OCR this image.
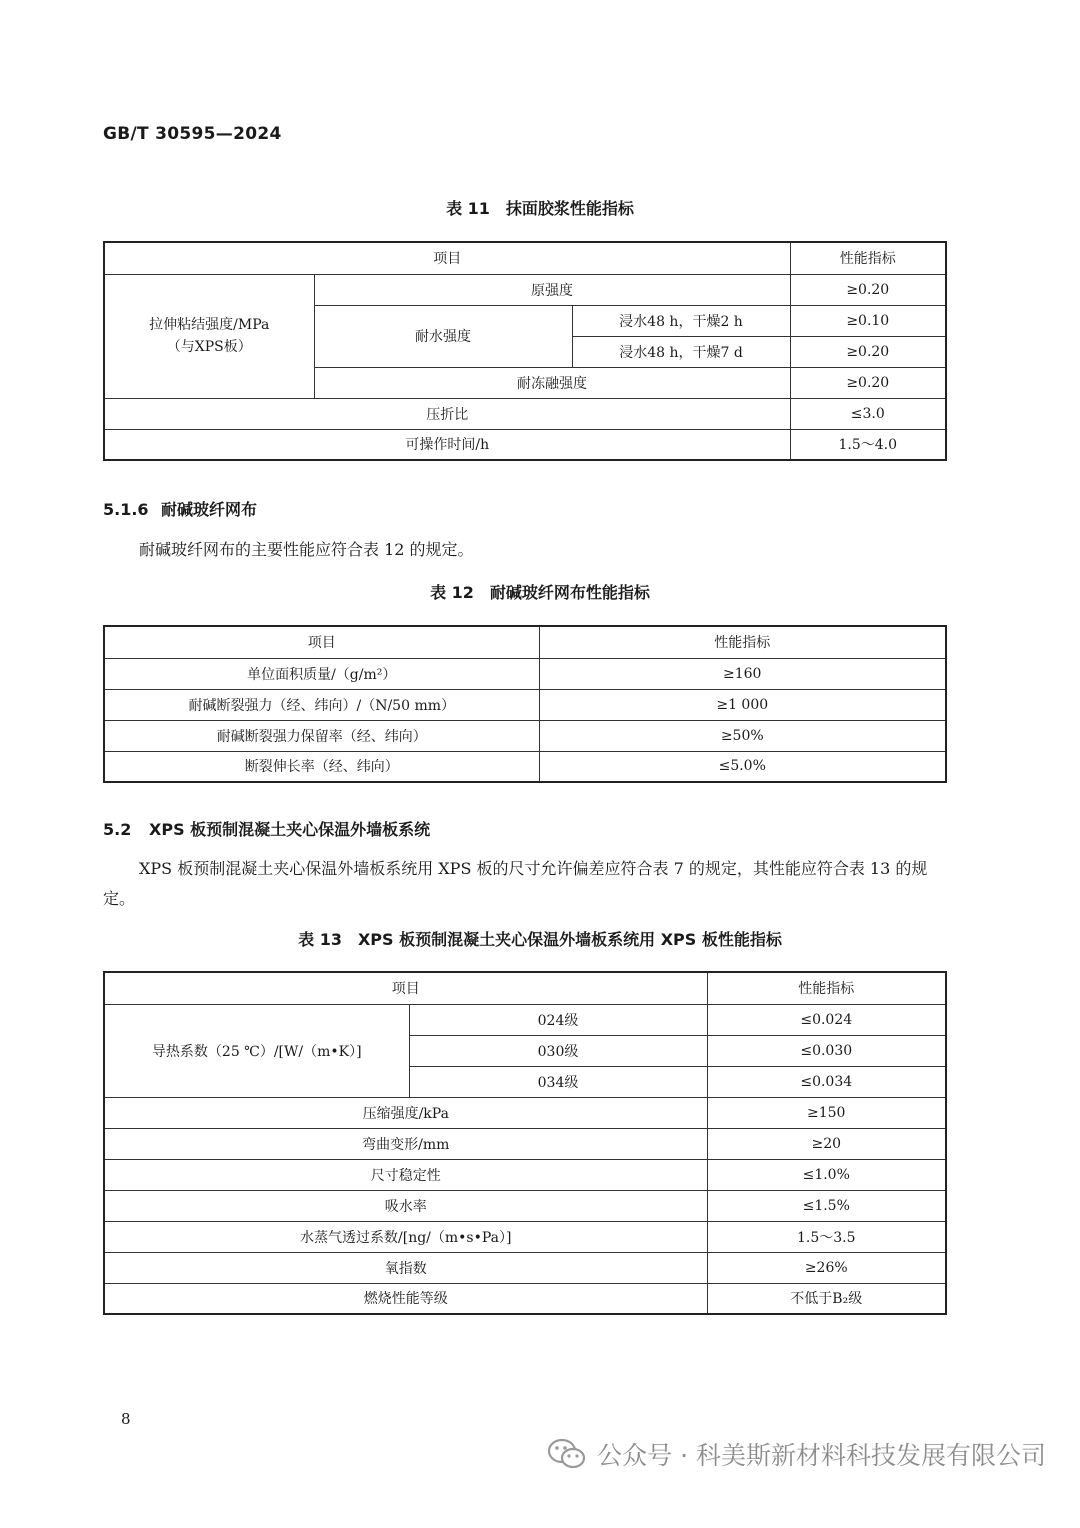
GB/T 30595—2024
表 11　抹面胶浆性能指标
项目			性能指标

拉伸粘结强度/MPa
（与XPS板）	原强度		≥0.20
	耐水强度	浸水48 h，干燥2 h	≥0.10
		浸水48 h，干燥7 d	≥0.20
	耐冻融强度		≥0.20
压折比			≤3.0
可操作时间/h			1.5～4.0
5.1.6 耐碱玻纤网布
耐碱玻纤网布的主要性能应符合表 12 的规定。
表 12　耐碱玻纤网布性能指标
项目	性能指标
单位面积质量/（g/m²）	≥160
耐碱断裂强力（经、纬向）/（N/50 mm）	≥1 000
耐碱断裂强力保留率（经、纬向）	≥50%
断裂伸长率（经、纬向）	≤5.0%
5.2 XPS 板预制混凝土夹心保温外墙板系统
XPS 板预制混凝土夹心保温外墙板系统用 XPS 板的尺寸允许偏差应符合表 7 的规定，其性能应符合表 13 的规定。
表 13　XPS 板预制混凝土夹心保温外墙板系统用 XPS 板性能指标
项目		性能指标
导热系数（25 ℃）/[W/（m•K）]	024级	≤0.024
	030级	≤0.030
	034级	≤0.034
压缩强度/kPa		≥150
弯曲变形/mm		≥20
尺寸稳定性		≤1.0%
吸水率		≤1.5%
水蒸气透过系数/[ng/（m•s•Pa）]		1.5～3.5
氧指数		≥26%
燃烧性能等级		不低于B₂级
8
公众号 · 科美斯新材料科技发展有限公司
